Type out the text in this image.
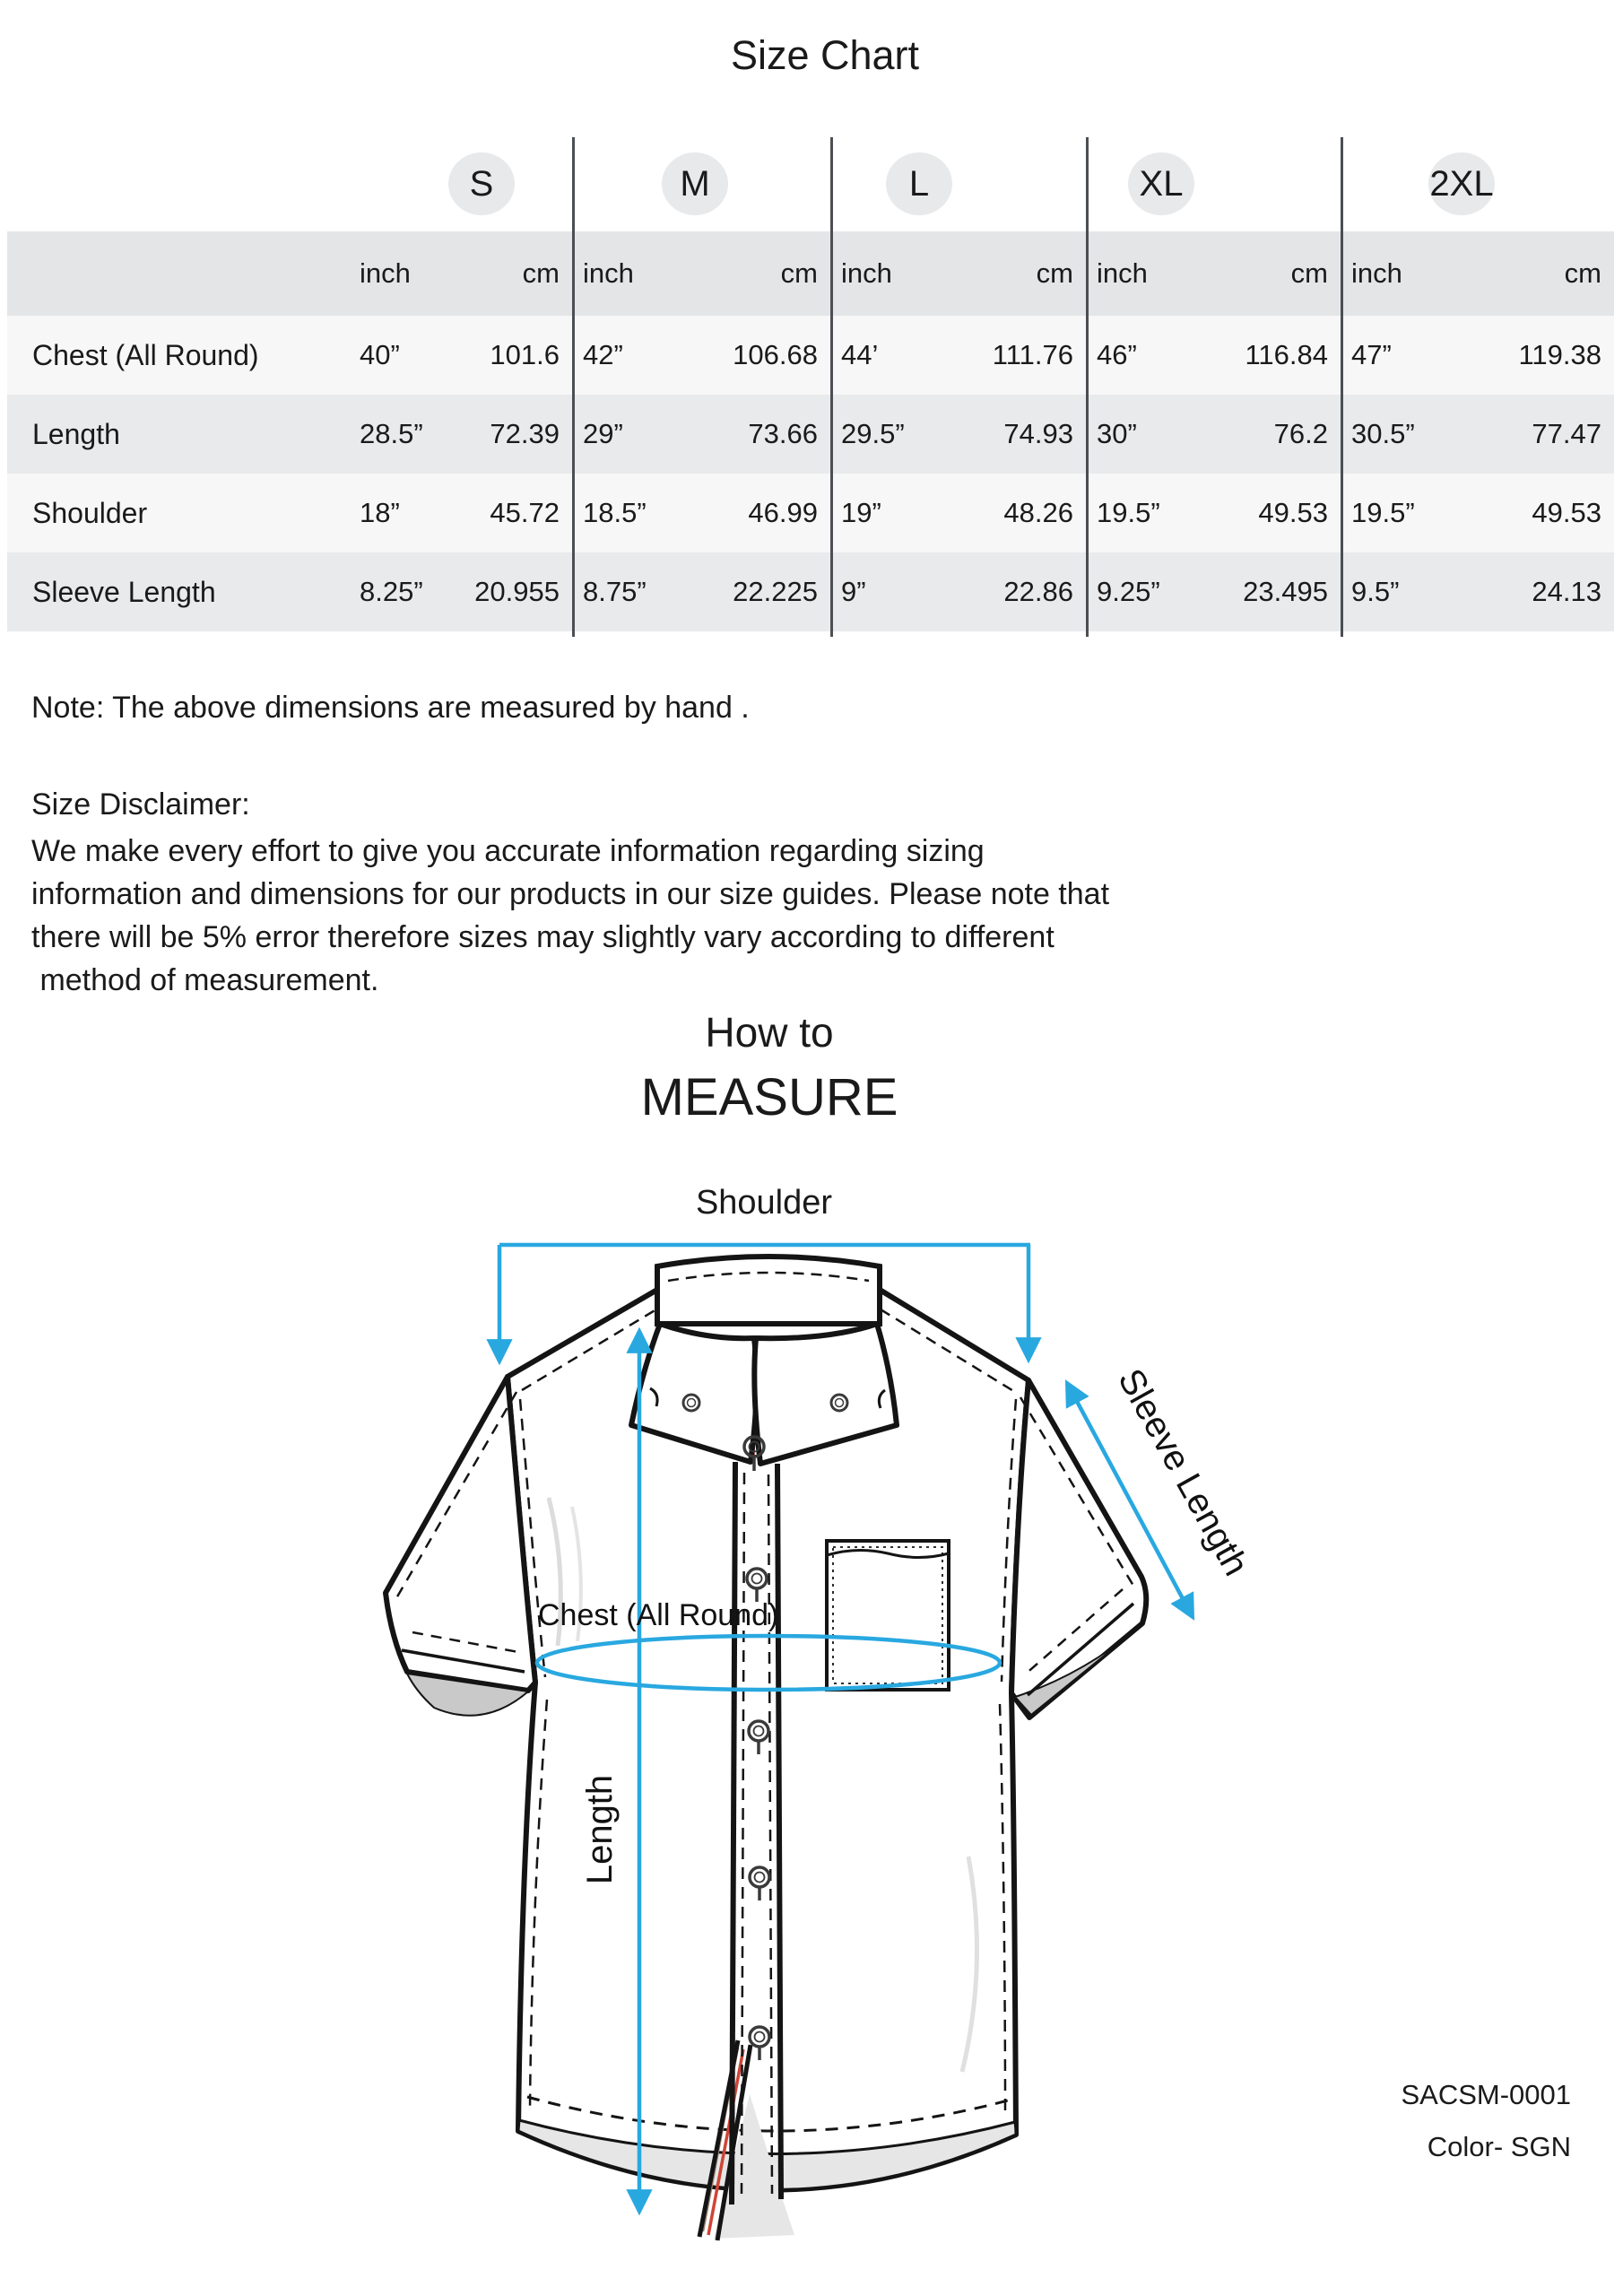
Size Chart
S	M	L	XL	2XL
inch	cm inch	cm inch	cm inch	cm inch	cm
Chest (All Round)	40”	101.6 42”	106.68 44’	111.76 46”	116.84 47”	119.38
Length	28.5”	72.39 29”	73.66 29.5”	74.93 30”	76.2 30.5”	77.47
Shoulder	18”	45.72 18.5”	46.99 19”	48.26 19.5”	49.53 19.5”	49.53
Sleeve Length	8.25”	20.955 8.75”	22.225 9”	22.86 9.25”	23.495 9.5”	24.13
Note: The above dimensions are measured by hand .
Size Disclaimer:
We make every effort to give you accurate information regarding sizing
information and dimensions for our products in our size guides. Please note that
there will be 5% error therefore sizes may slightly vary according to different
method of measurement.
How to
MEASURE
Shoulder
Chest (All Round)
Length
Sleeve Length
SACSM-0001
Color- SGN
